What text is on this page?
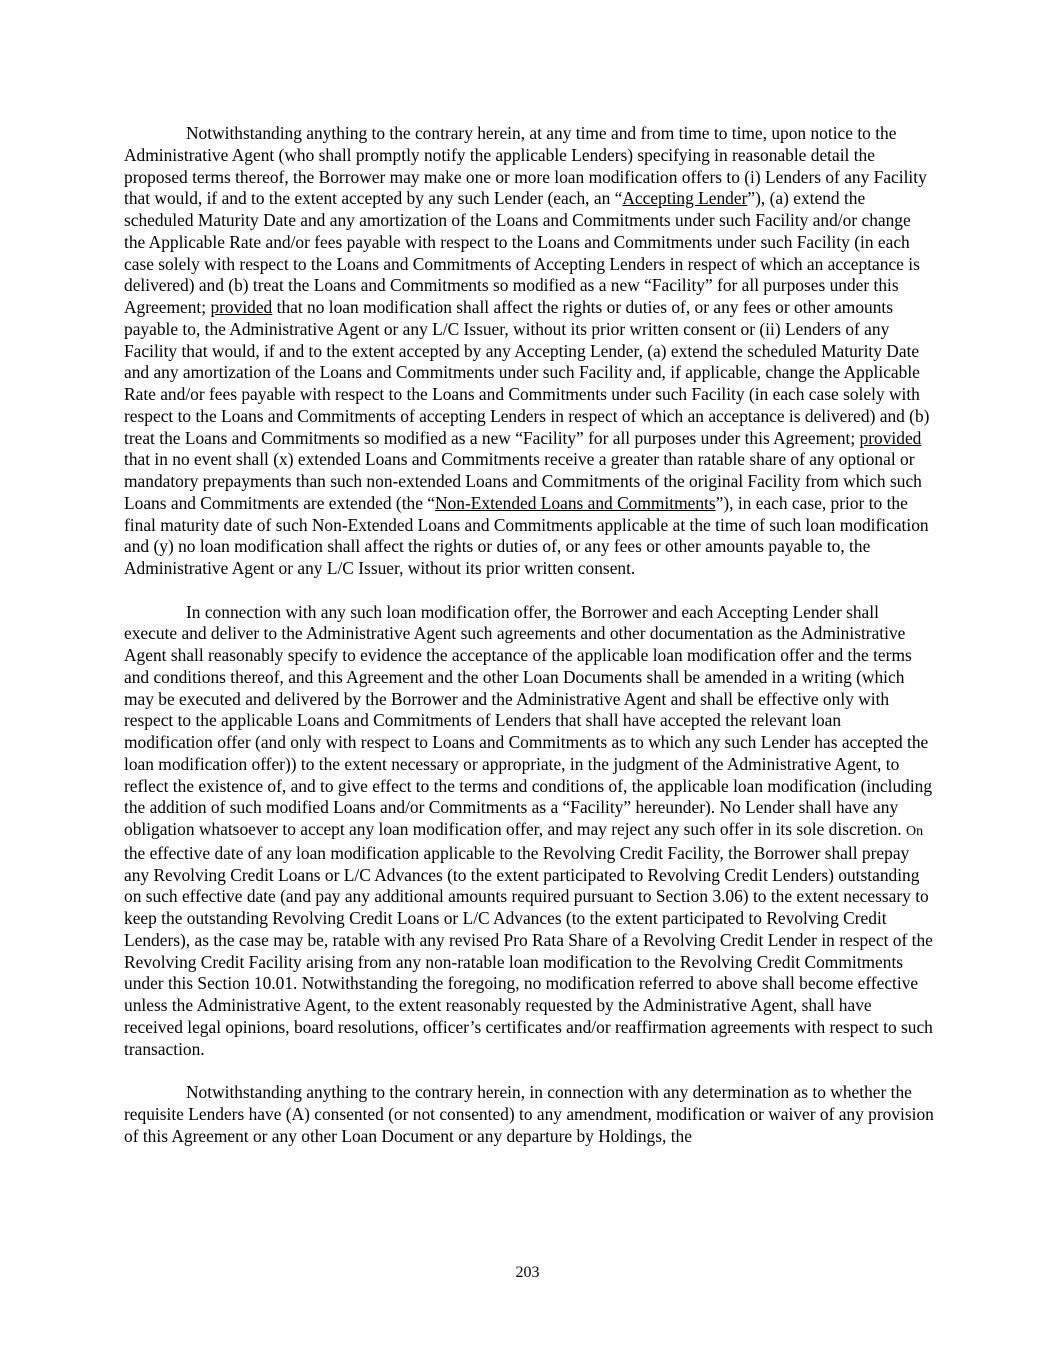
Notwithstanding anything to the contrary herein, at any time and from time to time, upon notice to the Administrative Agent (who shall promptly notify the applicable Lenders) specifying in reasonable detail the proposed terms thereof, the Borrower may make one or more loan modification offers to (i) Lenders of any Facility that would, if and to the extent accepted by any such Lender (each, an “Accepting Lender”), (a) extend the scheduled Maturity Date and any amortization of the Loans and Commitments under such Facility and/or change the Applicable Rate and/or fees payable with respect to the Loans and Commitments under such Facility (in each case solely with respect to the Loans and Commitments of Accepting Lenders in respect of which an acceptance is delivered) and (b) treat the Loans and Commitments so modified as a new “Facility” for all purposes under this Agreement; provided that no loan modification shall affect the rights or duties of, or any fees or other amounts payable to, the Administrative Agent or any L/C Issuer, without its prior written consent or (ii) Lenders of any Facility that would, if and to the extent accepted by any Accepting Lender, (a) extend the scheduled Maturity Date and any amortization of the Loans and Commitments under such Facility and, if applicable, change the Applicable Rate and/or fees payable with respect to the Loans and Commitments under such Facility (in each case solely with respect to the Loans and Commitments of accepting Lenders in respect of which an acceptance is delivered) and (b) treat the Loans and Commitments so modified as a new “Facility” for all purposes under this Agreement; provided that in no event shall (x) extended Loans and Commitments receive a greater than ratable share of any optional or mandatory prepayments than such non-extended Loans and Commitments of the original Facility from which such Loans and Commitments are extended (the “Non-Extended Loans and Commitments”), in each case, prior to the final maturity date of such Non-Extended Loans and Commitments applicable at the time of such loan modification and (y) no loan modification shall affect the rights or duties of, or any fees or other amounts payable to, the Administrative Agent or any L/C Issuer, without its prior written consent.

In connection with any such loan modification offer, the Borrower and each Accepting Lender shall execute and deliver to the Administrative Agent such agreements and other documentation as the Administrative Agent shall reasonably specify to evidence the acceptance of the applicable loan modification offer and the terms and conditions thereof, and this Agreement and the other Loan Documents shall be amended in a writing (which may be executed and delivered by the Borrower and the Administrative Agent and shall be effective only with respect to the applicable Loans and Commitments of Lenders that shall have accepted the relevant loan modification offer (and only with respect to Loans and Commitments as to which any such Lender has accepted the loan modification offer)) to the extent necessary or appropriate, in the judgment of the Administrative Agent, to reflect the existence of, and to give effect to the terms and conditions of, the applicable loan modification (including the addition of such modified Loans and/or Commitments as a “Facility” hereunder). No Lender shall have any obligation whatsoever to accept any loan modification offer, and may reject any such offer in its sole discretion. On the effective date of any loan modification applicable to the Revolving Credit Facility, the Borrower shall prepay any Revolving Credit Loans or L/C Advances (to the extent participated to Revolving Credit Lenders) outstanding on such effective date (and pay any additional amounts required pursuant to Section 3.06) to the extent necessary to keep the outstanding Revolving Credit Loans or L/C Advances (to the extent participated to Revolving Credit Lenders), as the case may be, ratable with any revised Pro Rata Share of a Revolving Credit Lender in respect of the Revolving Credit Facility arising from any non-ratable loan modification to the Revolving Credit Commitments under this Section 10.01. Notwithstanding the foregoing, no modification referred to above shall become effective unless the Administrative Agent, to the extent reasonably requested by the Administrative Agent, shall have received legal opinions, board resolutions, officer’s certificates and/or reaffirmation agreements with respect to such transaction.

Notwithstanding anything to the contrary herein, in connection with any determination as to whether the requisite Lenders have (A) consented (or not consented) to any amendment, modification or waiver of any provision of this Agreement or any other Loan Document or any departure by Holdings, the

203
